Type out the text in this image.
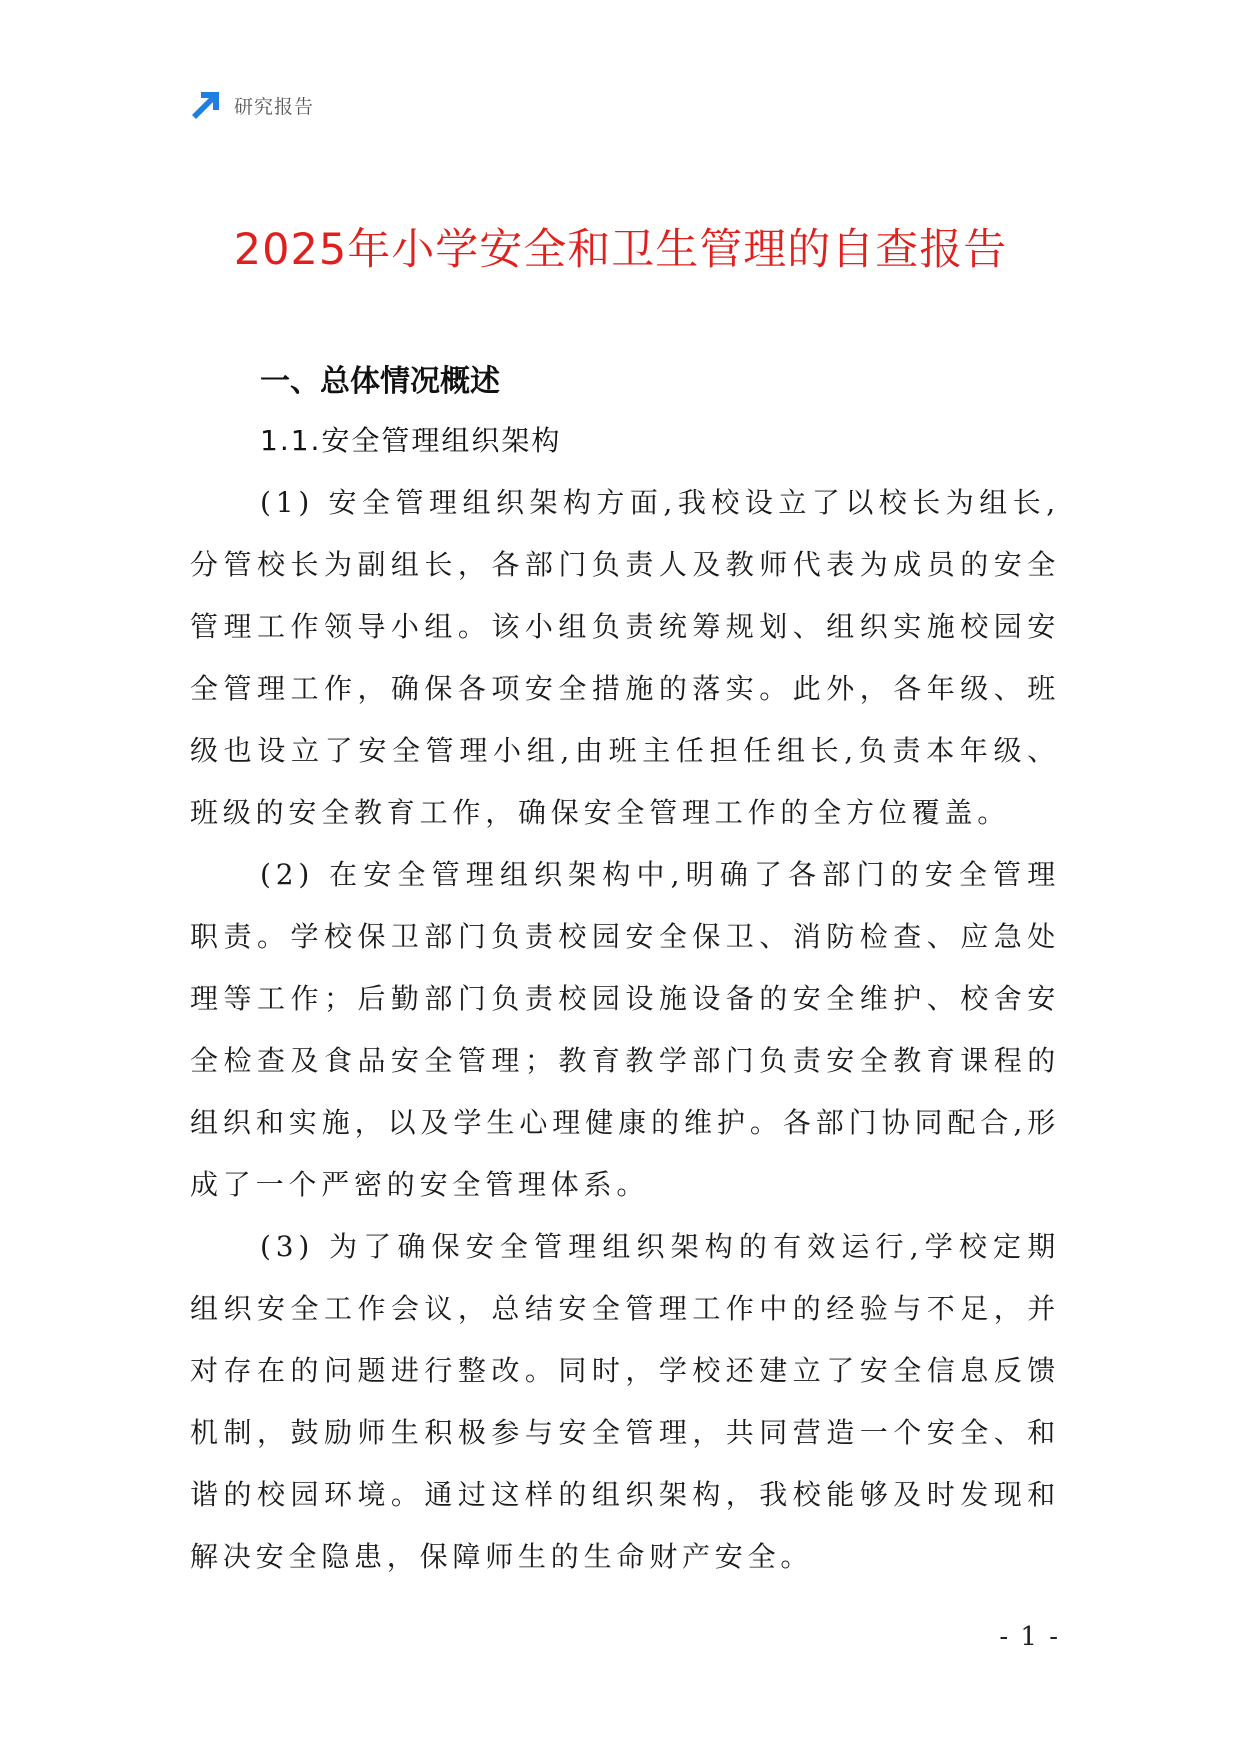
研究报告
2025年小学安全和卫生管理的自查报告
一、总体情况概述
1.1.安全管理组织架构

(1) 安全管理组织架构方面,我校设立了以校长为组长,分管校长为副组长，各部门负责人及教师代表为成员的安全管理工作领导小组。该小组负责统筹规划、组织实施校园安全管理工作，确保各项安全措施的落实。此外，各年级、班级也设立了安全管理小组,由班主任担任组长,负责本年级、班级的安全教育工作，确保安全管理工作的全方位覆盖。

(2) 在安全管理组织架构中,明确了各部门的安全管理职责。学校保卫部门负责校园安全保卫、消防检查、应急处理等工作；后勤部门负责校园设施设备的安全维护、校舍安全检查及食品安全管理；教育教学部门负责安全教育课程的组织和实施，以及学生心理健康的维护。各部门协同配合,形成了一个严密的安全管理体系。

(3) 为了确保安全管理组织架构的有效运行,学校定期组织安全工作会议，总结安全管理工作中的经验与不足，并对存在的问题进行整改。同时，学校还建立了安全信息反馈机制，鼓励师生积极参与安全管理，共同营造一个安全、和谐的校园环境。通过这样的组织架构，我校能够及时发现和解决安全隐患，保障师生的生命财产安全。

- 1 -
